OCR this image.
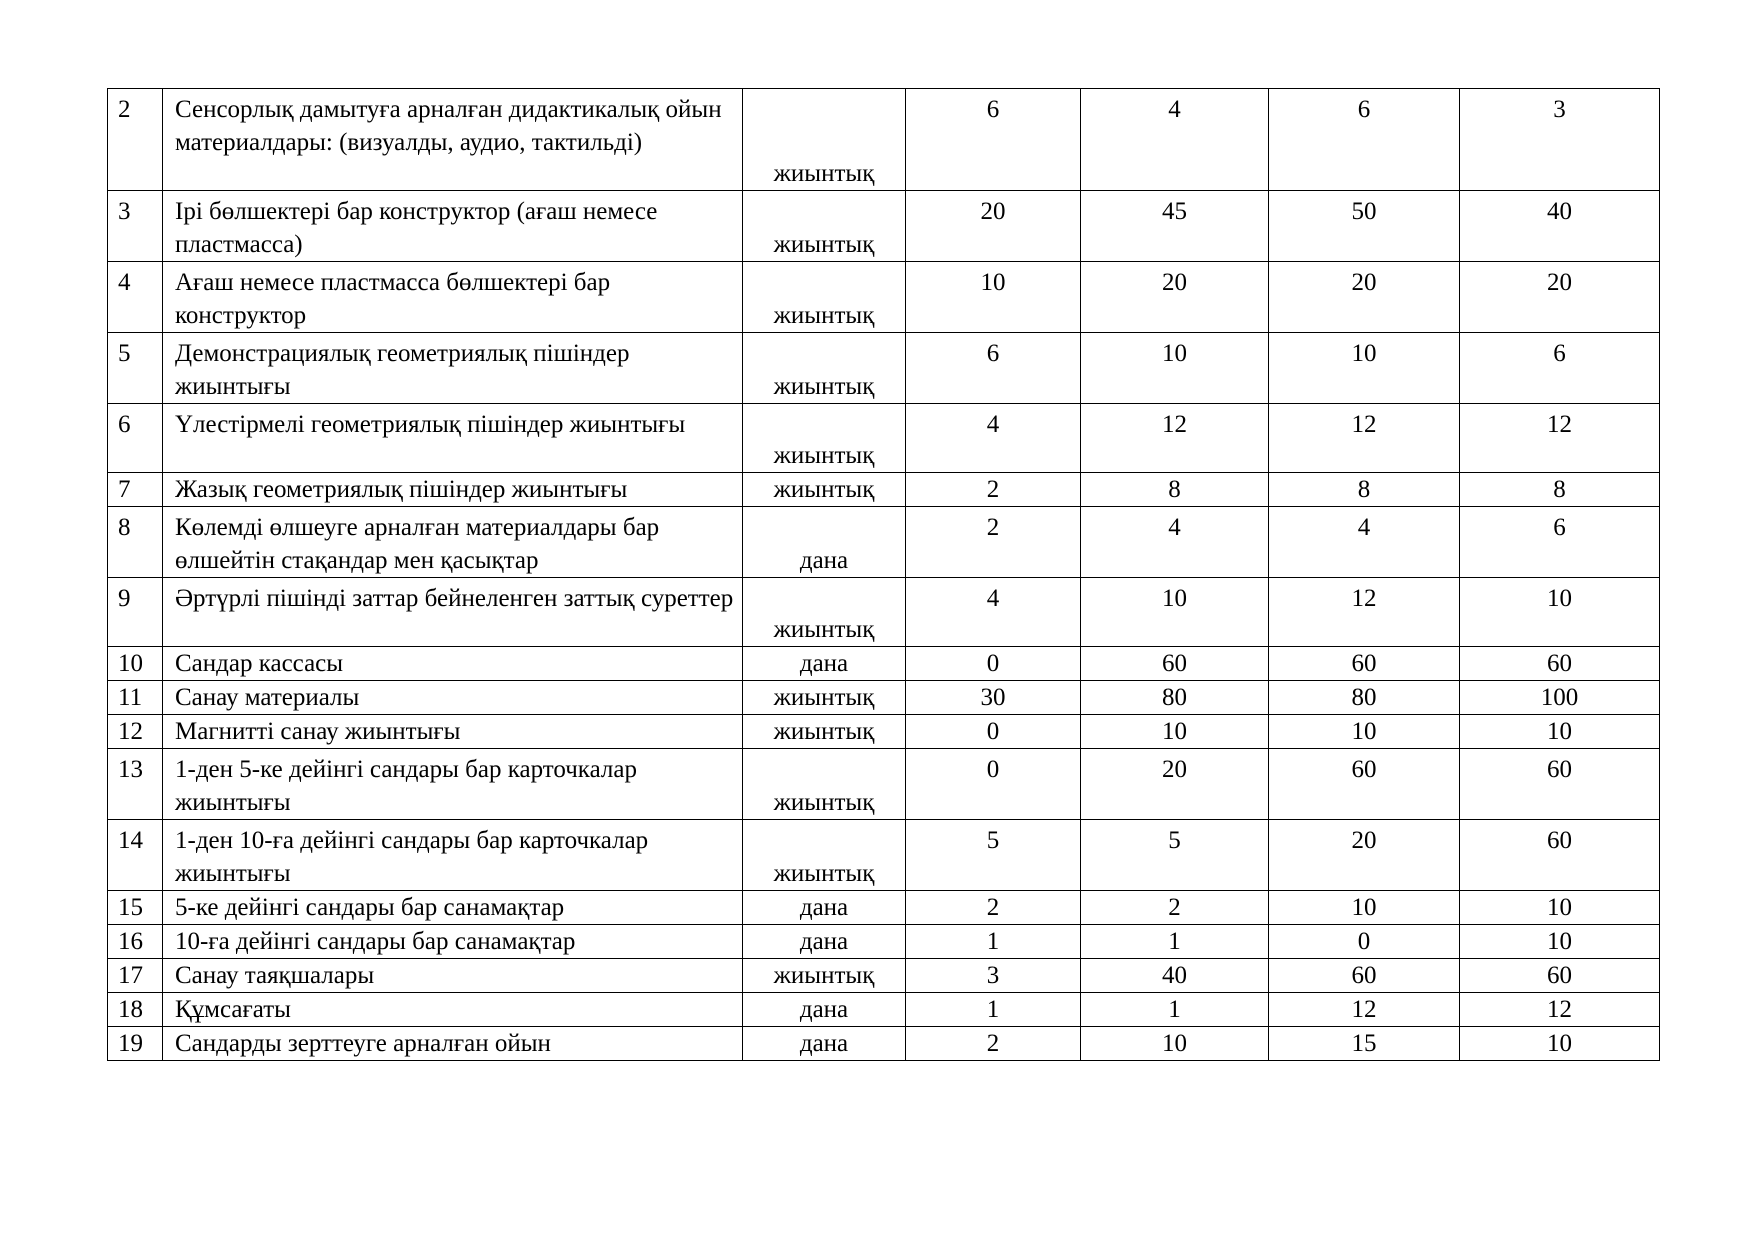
2	Сенсорлық дамытуға арналған дидактикалық ойын материалдары: (визуалды, аудио, тактильді)	жиынтық	6	4	6	3
3	Ірі бөлшектері бар конструктор (ағаш немесе пластмасса)	жиынтық	20	45	50	40
4	Ағаш немесе пластмасса бөлшектері бар конструктор	жиынтық	10	20	20	20
5	Демонстрациялық геометриялық пішіндер жиынтығы	жиынтық	6	10	10	6
6	Үлестірмелі геометриялық пішіндер жиынтығы	жиынтық	4	12	12	12
7	Жазық геометриялық пішіндер жиынтығы	жиынтық	2	8	8	8
8	Көлемді өлшеуге арналған материалдары бар өлшейтін стақандар мен қасықтар	дана	2	4	4	6
9	Әртүрлі пішінді заттар бейнеленген заттық суреттер	жиынтық	4	10	12	10
10	Сандар кассасы	дана	0	60	60	60
11	Санау материалы	жиынтық	30	80	80	100
12	Магнитті санау жиынтығы	жиынтық	0	10	10	10
13	1-ден 5-ке дейінгі сандары бар карточкалар жиынтығы	жиынтық	0	20	60	60
14	1-ден 10-ға дейінгі сандары бар карточкалар жиынтығы	жиынтық	5	5	20	60
15	5-ке дейінгі сандары бар санамақтар	дана	2	2	10	10
16	10-ға дейінгі сандары бар санамақтар	дана	1	1	0	10
17	Санау таяқшалары	жиынтық	3	40	60	60
18	Құмсағаты	дана	1	1	12	12
19	Сандарды зерттеуге арналған ойын	дана	2	10	15	10
